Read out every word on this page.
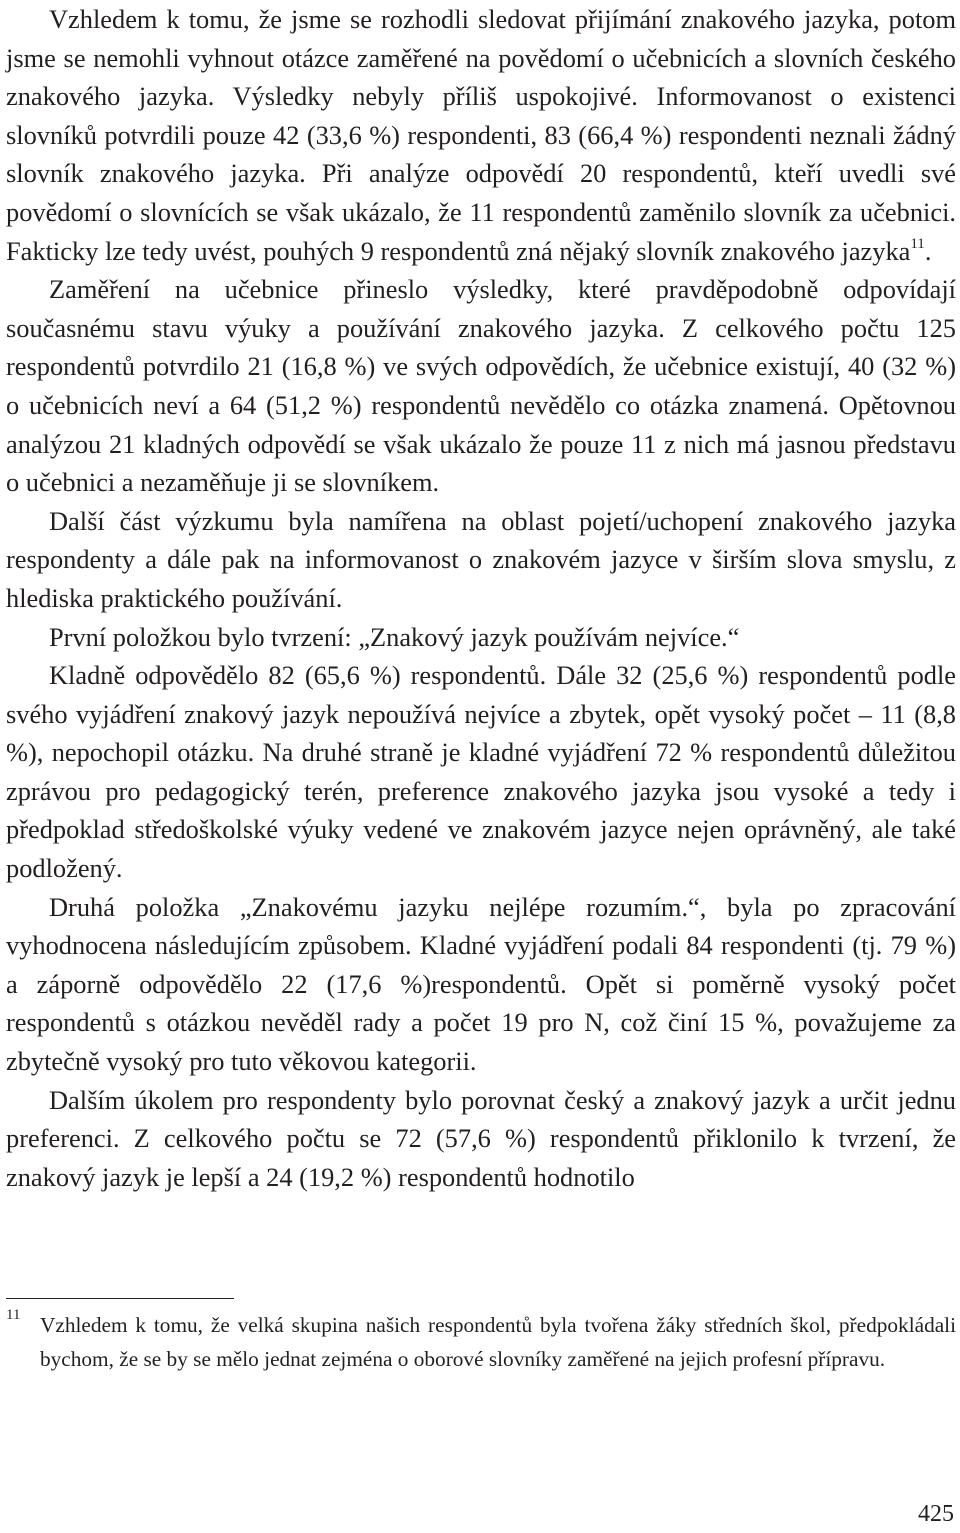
Vzhledem k tomu, že jsme se rozhodli sledovat přijímání znakového jazyka, potom jsme se nemohli vyhnout otázce zaměřené na povědomí o učebnicích a slovních českého znakového jazyka. Výsledky nebyly příliš uspokojivé. Informovanost o existenci slovníků potvrdili pouze 42 (33,6 %) respondenti, 83 (66,4 %) respondenti neznali žádný slovník znakového jazyka. Při analýze odpovědí 20 respondentů, kteří uvedli své povědomí o slovnících se však ukázalo, že 11 respondentů zaměnilo slovník za učebnici. Fakticky lze tedy uvést, pouhých 9 respondentů zná nějaký slovník znakového jazyka$^{11}$.

Zaměření na učebnice přineslo výsledky, které pravděpodobně odpovídají současnému stavu výuky a používání znakového jazyka. Z celkového počtu 125 respondentů potvrdilo 21 (16,8 %) ve svých odpovědích, že učebnice existují, 40 (32 %) o učebnicích neví a 64 (51,2 %) respondentů nevědělo co otázka znamená. Opětovnou analýzou 21 kladných odpovědí se však ukázalo že pouze 11 z nich má jasnou představu o učebnici a nezaměňuje ji se slovníkem.

Další část výzkumu byla namířena na oblast pojetí/uchopení znakového jazyka respondenty a dále pak na informovanost o znakovém jazyce v širším slova smyslu, z hlediska praktického používání.

První položkou bylo tvrzení: „Znakový jazyk používám nejvíce.“

Kladně odpovědělo 82 (65,6 %) respondentů. Dále 32 (25,6 %) respondentů podle svého vyjádření znakový jazyk nepoužívá nejvíce a zbytek, opět vysoký počet – 11 (8,8 %), nepochopil otázku. Na druhé straně je kladné vyjádření 72 % respondentů důležitou zprávou pro pedagogický terén, preference znakového jazyka jsou vysoké a tedy i předpoklad středoškolské výuky vedené ve znakovém jazyce nejen oprávněný, ale také podložený.

Druhá položka „Znakovému jazyku nejlépe rozumím.“, byla po zpracování vyhodnocena následujícím způsobem. Kladné vyjádření podali 84 respondenti (tj. 79 %) a záporně odpovědělo 22 (17,6 %)respondentů. Opět si poměrně vysoký počet respondentů s otázkou nevěděl rady a počet 19 pro N, což činí 15 %, považujeme za zbytečně vysoký pro tuto věkovou kategorii.

Dalším úkolem pro respondenty bylo porovnat český a znakový jazyk a určit jednu preferenci. Z celkového počtu se 72 (57,6 %) respondentů přiklonilo k tvrzení, že znakový jazyk je lepší a 24 (19,2 %) respondentů hodnotilo

11 Vzhledem k tomu, že velká skupina našich respondentů byla tvořena žáky středních škol, předpokládali bychom, že se by se mělo jednat zejména o oborové slovníky zaměřené na jejich profesní přípravu.
425
